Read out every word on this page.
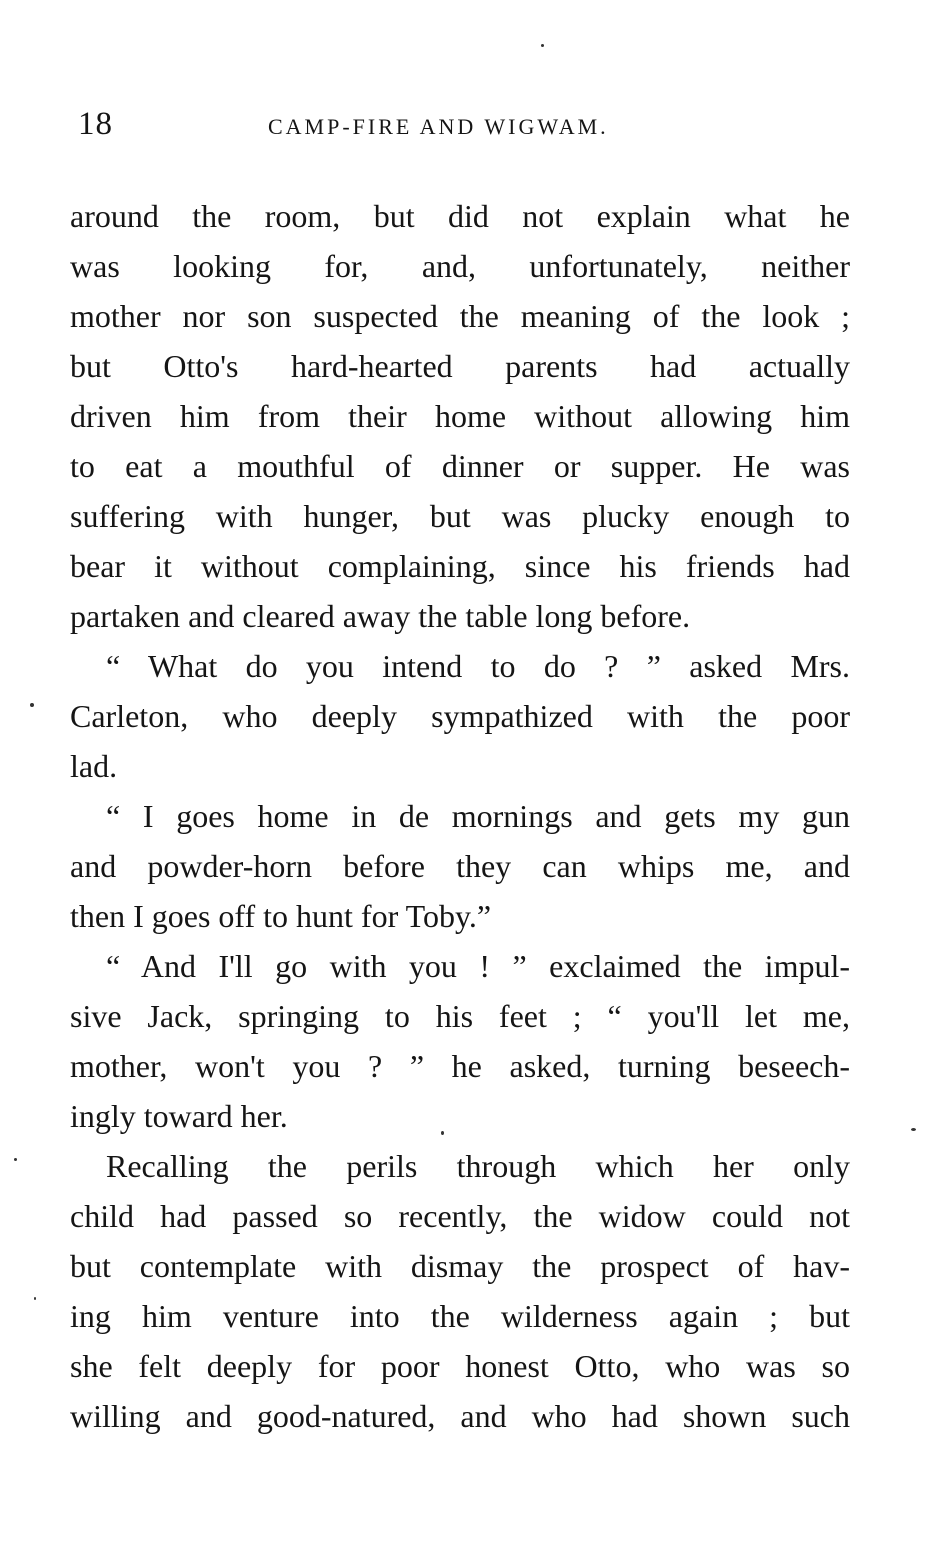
18	CAMP-FIRE AND WIGWAM.
around the room, but did not explain what he
was looking for, and, unfortunately, neither
mother nor son suspected the meaning of the look ;
but Otto's hard-hearted parents had actually
driven him from their home without allowing him
to eat a mouthful of dinner or supper. He was
suffering with hunger, but was plucky enough to
bear it without complaining, since his friends had
partaken and cleared away the table long before.
“ What do you intend to do ? ” asked Mrs.
Carleton, who deeply sympathized with the poor
lad.
“ I goes home in de mornings and gets my gun
and powder-horn before they can whips me, and
then I goes off to hunt for Toby.”
“ And I'll go with you ! ” exclaimed the impul-
sive Jack, springing to his feet ; “ you'll let me,
mother, won't you ? ” he asked, turning beseech-
ingly toward her.
Recalling the perils through which her only
child had passed so recently, the widow could not
but contemplate with dismay the prospect of hav-
ing him venture into the wilderness again ; but
she felt deeply for poor honest Otto, who was so
willing and good-natured, and who had shown such
